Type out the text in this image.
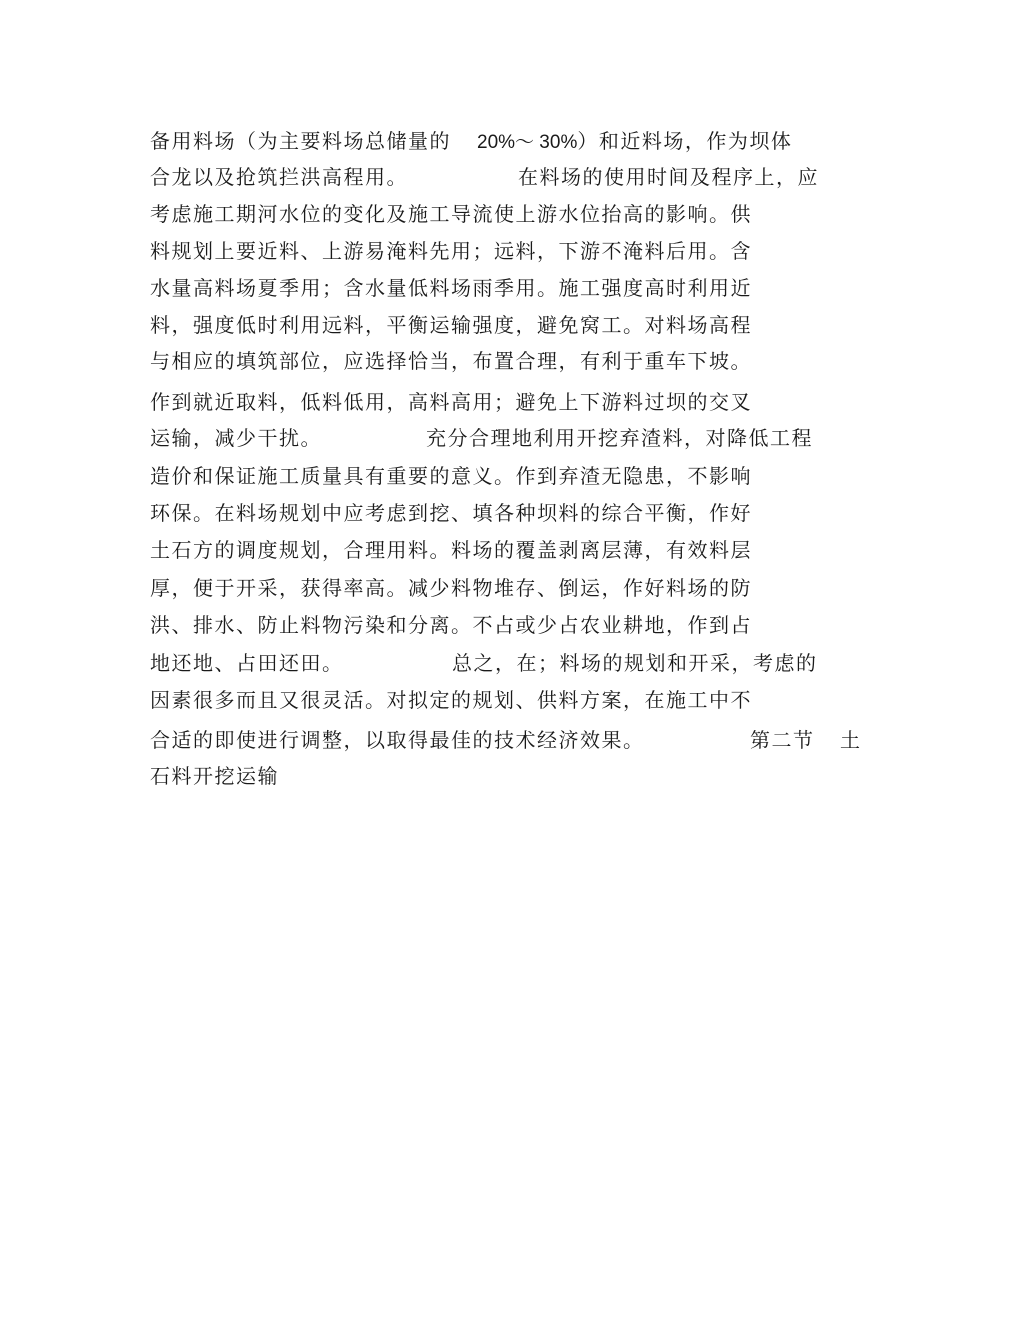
备用料场（为主要料场总储量的 20%～ 30%）和近料场，作为坝体
合龙以及抢筑拦洪高程用。	在料场的使用时间及程序上，应
考虑施工期河水位的变化及施工导流使上游水位抬高的影响。供
料规划上要近料、上游易淹料先用；远料，下游不淹料后用。含
水量高料场夏季用；含水量低料场雨季用。施工强度高时利用近
料，强度低时利用远料，平衡运输强度，避免窝工。对料场高程
与相应的填筑部位，应选择恰当，布置合理，有利于重车下坡。
作到就近取料，低料低用，高料高用；避免上下游料过坝的交叉
运输，减少干扰。	充分合理地利用开挖弃渣料，对降低工程
造价和保证施工质量具有重要的意义。作到弃渣无隐患，不影响
环保。在料场规划中应考虑到挖、填各种坝料的综合平衡，作好
土石方的调度规划，合理用料。料场的覆盖剥离层薄，有效料层
厚，便于开采，获得率高。减少料物堆存、倒运，作好料场的防
洪、排水、防止料物污染和分离。不占或少占农业耕地，作到占
地还地、占田还田。	总之，在；料场的规划和开采，考虑的
因素很多而且又很灵活。对拟定的规划、供料方案，在施工中不
合适的即使进行调整，以取得最佳的技术经济效果。	第二节 土
石料开挖运输
